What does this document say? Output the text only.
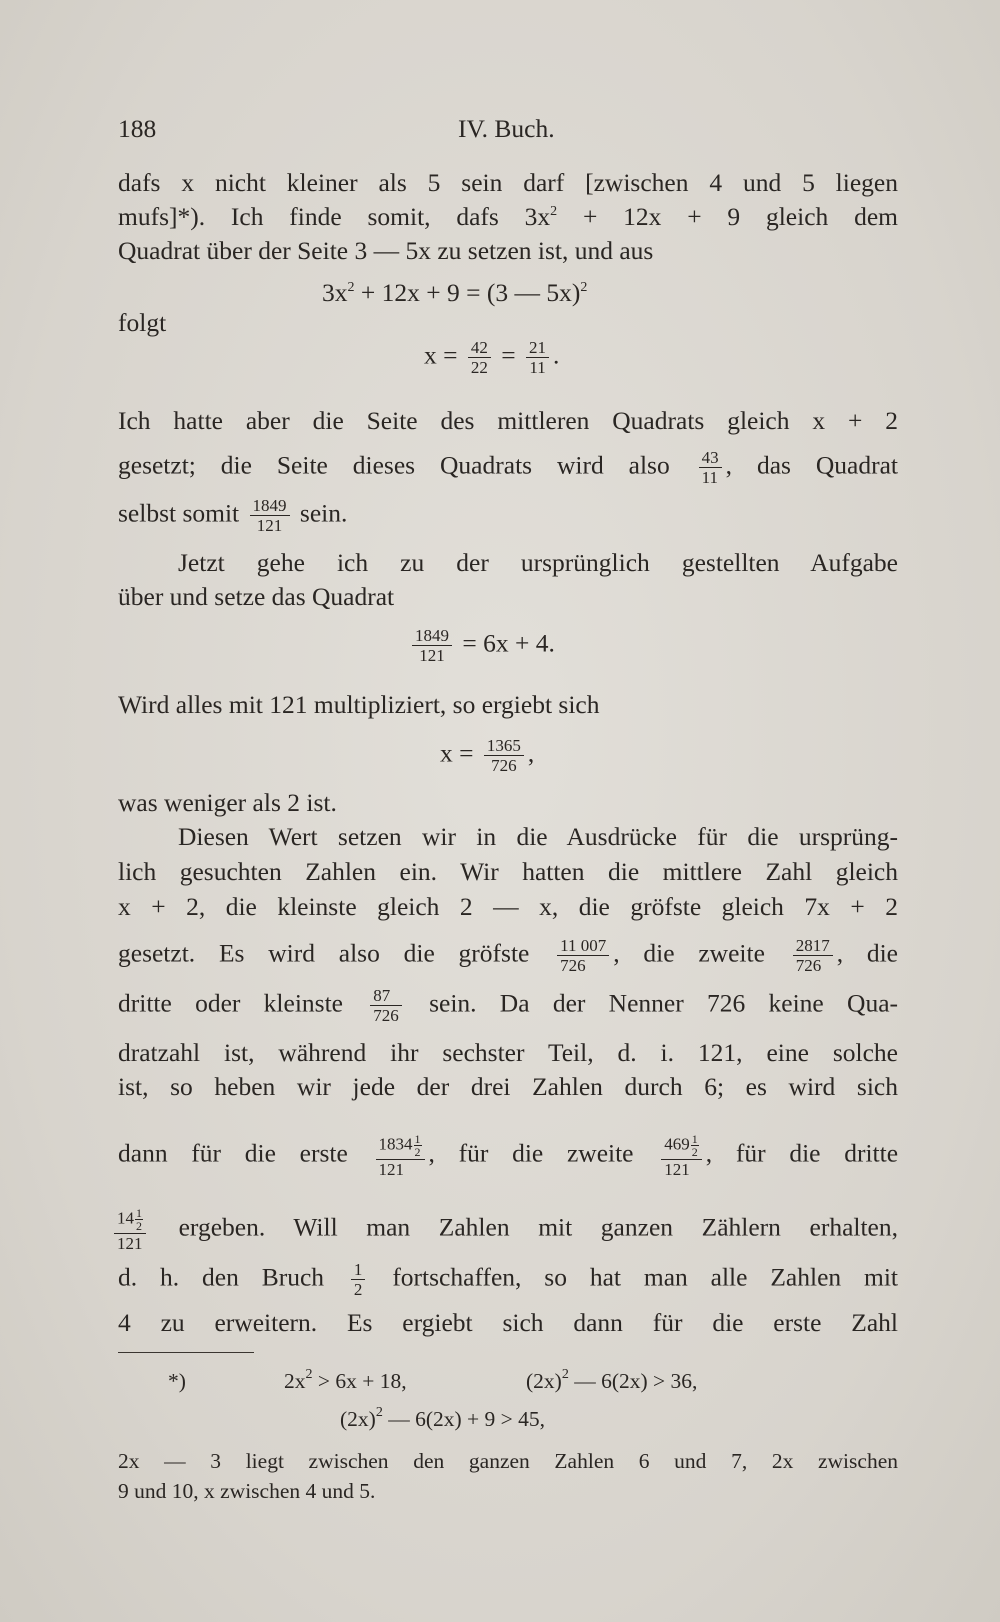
188	IV. Buch.
dafs x nicht kleiner als 5 sein darf [zwischen 4 und 5 liegen
mufs]*). Ich finde somit, dafs $3x^2 + 12x + 9$ gleich dem
Quadrat über der Seite 3 — 5x zu setzen ist, und aus
$3x^2 + 12x + 9 = (3$ — 5x)$^2$
folgt
$x = \frac{42}{22} = \frac{21}{11}$ .
Ich hatte aber die Seite des mittleren Quadrats gleich x + 2
gesetzt; die Seite dieses Quadrats wird also $\frac{43}{11}$ , das Quadrat
selbst somit $\frac{1849}{121}$ sein.
Jetzt gehe ich zu der ursprünglich gestellten Aufgabe
über und setze das Quadrat
$\frac{1849}{121} = 6x + 4$.
Wird alles mit 121 multipliziert, so ergiebt sich
$x = \frac{1365}{726}$ ,
was weniger als 2 ist.
Diesen Wert setzen wir in die Ausdrücke für die ursprüng-
lich gesuchten Zahlen ein. Wir hatten die mittlere Zahl gleich
x + 2, die kleinste gleich 2 — x, die gröfste gleich 7x + 2
gesetzt. Es wird also die gröfste $\frac{11 007}{726}$ , die zweite $\frac{2817}{726}$ , die
dritte oder kleinste $\frac{87}{726}$ sein. Da der Nenner 726 keine Qua-
dratzahl ist, während ihr sechster Teil, d. i. 121, eine solche
ist, so heben wir jede der drei Zahlen durch 6; es wird sich
dann für die erste $\frac{1834 \frac{1}{2}}{121}$ , für die zweite $\frac{469 \frac{1}{2}}{121}$ , für die dritte
$\frac{14 \frac{1}{2}}{121}$ ergeben. Will man Zahlen mit ganzen Zählern erhalten,
d. h. den Bruch $\frac{1}{2}$ fortschaffen, so hat man alle Zahlen mit
4 zu erweitern. Es ergiebt sich dann für die erste Zahl
*)	$2x^2 > 6x + 18$,	$(2x)^2$ — 6(2x) > 36,
$(2x)^2$ — 6(2x) + 9 > 45,
2x — 3 liegt zwischen den ganzen Zahlen 6 und 7, 2x zwischen
9 und 10, x zwischen 4 und 5.
